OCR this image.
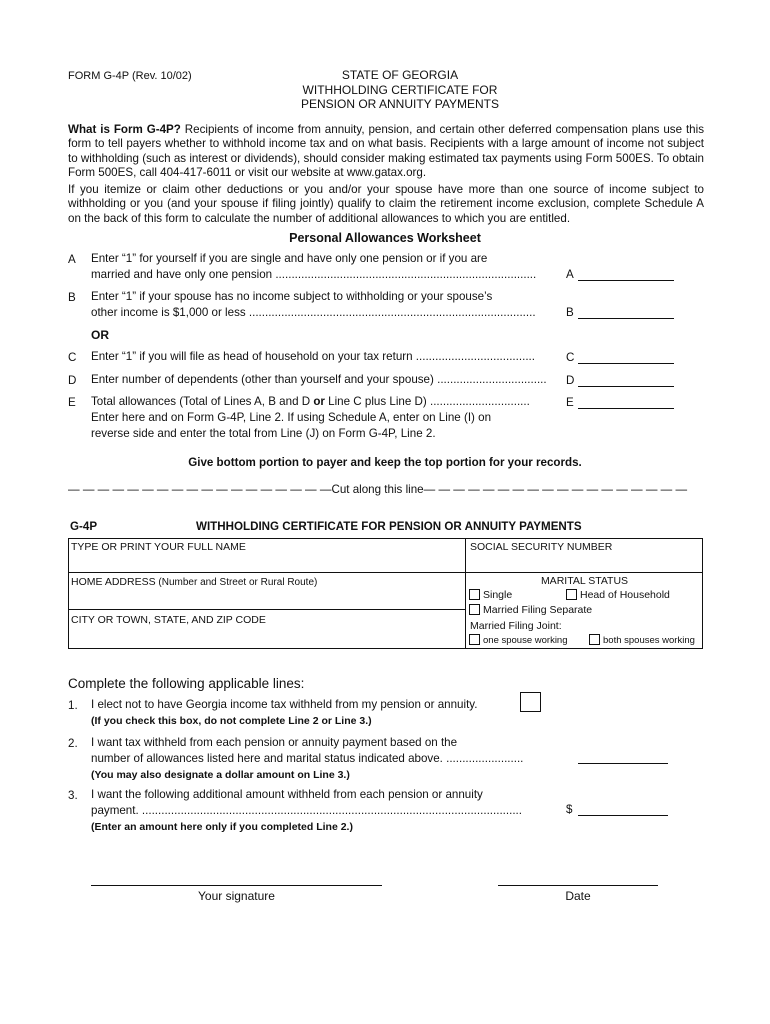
FORM G-4P (Rev. 10/02)	STATE OF GEORGIA
WITHHOLDING CERTIFICATE FOR
PENSION OR ANNUITY PAYMENTS
What is Form G-4P? Recipients of income from annuity, pension, and certain other deferred compensation plans use this form to tell payers whether to withhold income tax and on what basis. Recipients with a large amount of income not subject to withholding (such as interest or dividends), should consider making estimated tax payments using Form 500ES. To obtain Form 500ES, call 404-417-6011 or visit our website at www.gatax.org.
If you itemize or claim other deductions or you and/or your spouse have more than one source of income subject to withholding or you (and your spouse if filing jointly) qualify to claim the retirement income exclusion, complete Schedule A on the back of this form to calculate the number of additional allowances to which you are entitled.
Personal Allowances Worksheet
A Enter “1” for yourself if you are single and have only one pension or if you are
married and have only one pension .................................................................................	A
B Enter “1” if your spouse has no income subject to withholding or your spouse’s
other income is $1,000 or less .........................................................................................	B
OR
C Enter “1” if you will file as head of household on your tax return .....................................	C
D Enter number of dependents (other than yourself and your spouse) ..................................	D
E Total allowances (Total of Lines A, B and D or Line C plus Line D) ...............................
Enter here and on Form G-4P, Line 2. If using Schedule A, enter on Line (I) on
reverse side and enter the total from Line (J) on Form G-4P, Line 2.
E
Give bottom portion to payer and keep the top portion for your records.
— — — — — — — — — — — — — — — — — —Cut along this line— — — — — — — — — — — — — — — — — —
G-4P	WITHHOLDING CERTIFICATE FOR PENSION OR ANNUITY PAYMENTS
TYPE OR PRINT YOUR FULL NAME	SOCIAL SECURITY NUMBER
HOME ADDRESS (Number and Street or Rural Route)
CITY OR TOWN, STATE, AND ZIP CODE
MARITAL STATUS
Single	Head of Household
Married Filing Separate
Married Filing Joint:
one spouse working	both spouses working
Complete the following applicable lines:
1. I elect not to have Georgia income tax withheld from my pension or annuity.
(If you check this box, do not complete Line 2 or Line 3.)
2. I want tax withheld from each pension or annuity payment based on the
number of allowances listed here and marital status indicated above. ........................
(You may also designate a dollar amount on Line 3.)
3. I want the following additional amount withheld from each pension or annuity
payment. ......................................................................................................................	$
(Enter an amount here only if you completed Line 2.)
Your signature	Date
